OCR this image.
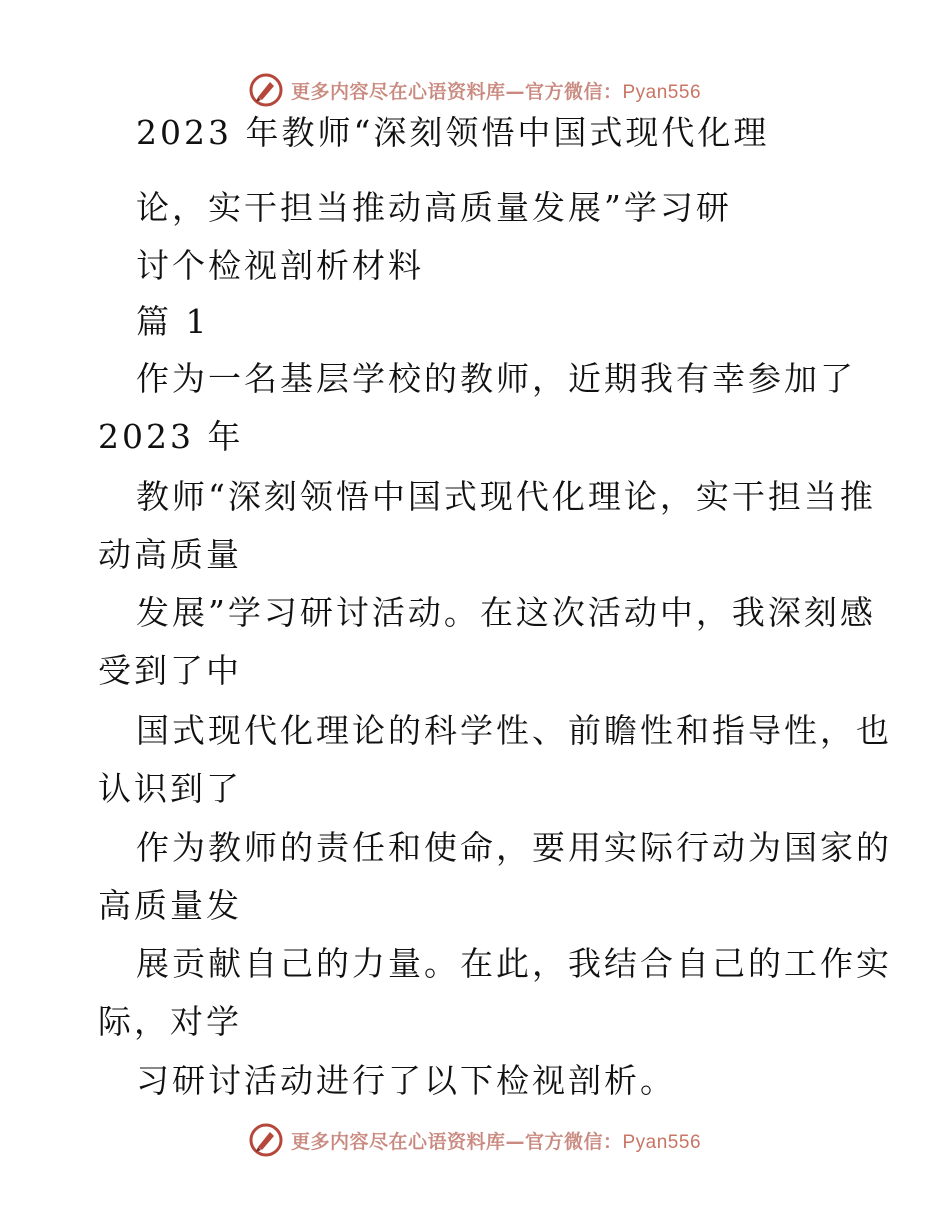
更多内容尽在心语资料库—官方微信：Pyan556
2023 年教师“深刻领悟中国式现代化理
论，实干担当推动高质量发展”学习研
讨个检视剖析材料
篇 1
作为一名基层学校的教师，近期我有幸参加了
2023 年
教师“深刻领悟中国式现代化理论，实干担当推
动高质量
发展”学习研讨活动。在这次活动中，我深刻感
受到了中
国式现代化理论的科学性、前瞻性和指导性，也
认识到了
作为教师的责任和使命，要用实际行动为国家的
高质量发
展贡献自己的力量。在此，我结合自己的工作实
际，对学
习研讨活动进行了以下检视剖析。
更多内容尽在心语资料库—官方微信：Pyan556
